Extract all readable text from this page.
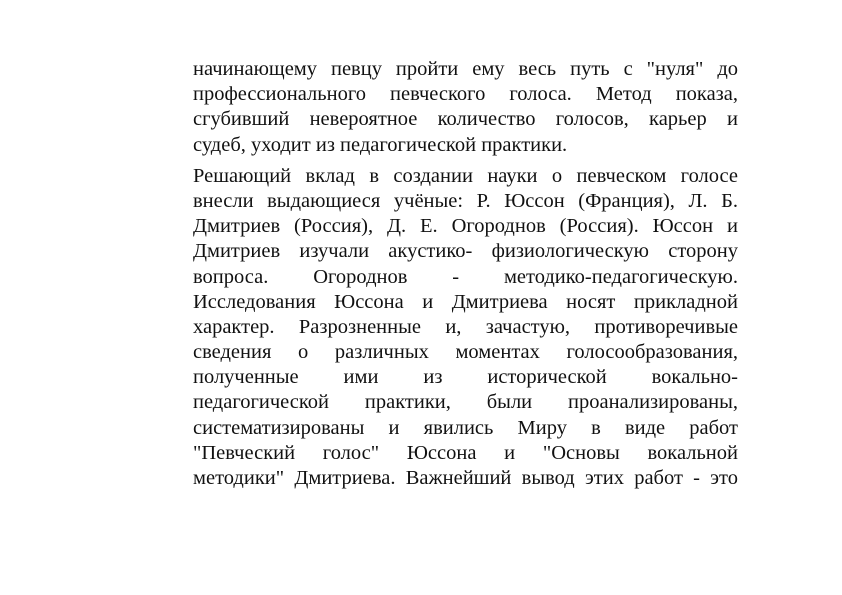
начинающему певцу пройти ему весь путь с "нуля" до
профессионального певческого голоса. Метод показа,
сгубивший невероятное количество голосов, карьер и
судеб, уходит из педагогической практики.
Решающий вклад в создании науки о певческом голосе
внесли выдающиеся учёные: Р. Юссон (Франция), Л. Б.
Дмитриев (Россия), Д. Е. Огороднов (Россия). Юссон и
Дмитриев изучали акустико- физиологическую сторону
вопроса. Огороднов - методико-педагогическую.
Исследования Юссона и Дмитриева носят прикладной
характер. Разрозненные и, зачастую, противоречивые
сведения о различных моментах голосообразования,
полученные ими из исторической вокально-
педагогической практики, были проанализированы,
систематизированы и явились Миру в виде работ
"Певческий голос" Юссона и "Основы вокальной
методики" Дмитриева. Важнейший вывод этих работ - это
